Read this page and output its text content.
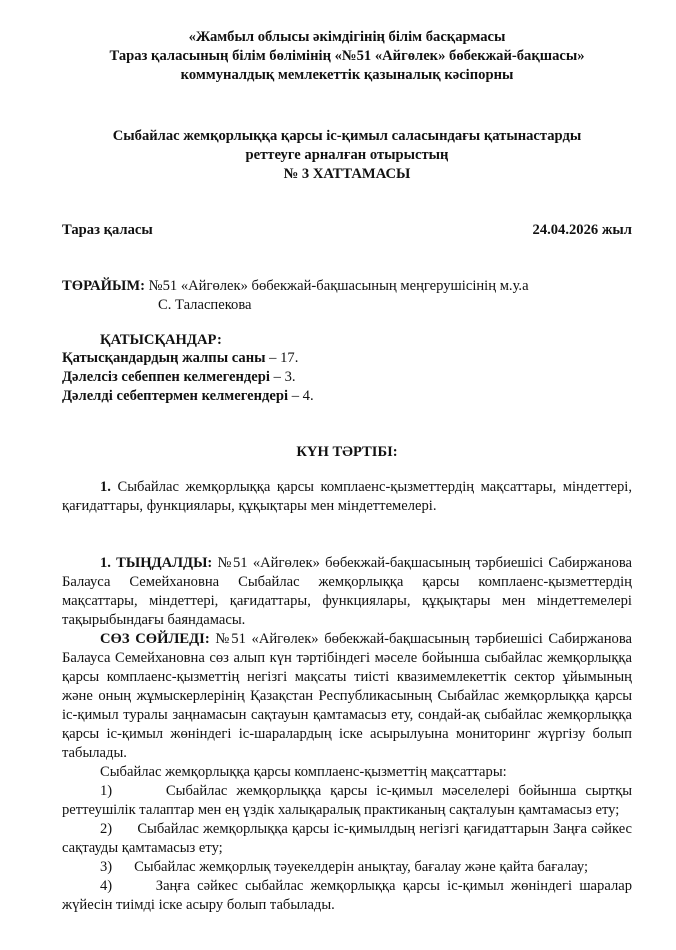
«Жамбыл облысы әкімдігінің білім басқармасы
Тараз қаласының білім бөлімінің «№51 «Айгөлек» бөбекжай-бақшасы»
коммуналдық мемлекеттік қазыналық кәсіпорны
Сыбайлас жемқорлыққа қарсы іс-қимыл саласындағы қатынастарды
реттеуге арналған отырыстың
№ 3 ХАТТАМАСЫ
Тараз қаласы	24.04.2026 жыл
ТӨРАЙЫМ: №51 «Айгөлек» бөбекжай-бақшасының меңгерушісінің м.у.а
С. Таласпекова
ҚАТЫСҚАНДАР:
Қатысқандардың жалпы саны – 17.
Дәлелсіз себеппен келмегендері – 3.
Дәлелді себептермен келмегендері – 4.
КҮН ТӘРТІБІ:
1. Сыбайлас жемқорлыққа қарсы комплаенс-қызметтердің мақсаттары, міндеттері, қағидаттары, функциялары, құқықтары мен міндеттемелері.
1. ТЫҢДАЛДЫ: №51 «Айгөлек» бөбекжай-бақшасының тәрбиешісі Сабиржанова Балауса Семейхановна Сыбайлас жемқорлыққа қарсы комплаенс-қызметтердің мақсаттары, міндеттері, қағидаттары, функциялары, құқықтары мен міндеттемелері тақырыбындағы баяндамасы.
СӨЗ СӨЙЛЕДІ: №51 «Айгөлек» бөбекжай-бақшасының тәрбиешісі Сабиржанова Балауса Семейхановна сөз алып күн тәртібіндегі мәселе бойынша сыбайлас жемқорлыққа қарсы комплаенс-қызметтің негізгі мақсаты тиісті квазимемлекеттік сектор ұйымының және оның жұмыскерлерінің Қазақстан Республикасының Сыбайлас жемқорлыққа қарсы іс-қимыл туралы заңнамасын сақтауын қамтамасыз ету, сондай-ақ сыбайлас жемқорлыққа қарсы іс-қимыл жөніндегі іс-шаралардың іске асырылуына мониторинг жүргізу болып табылады.
Сыбайлас жемқорлыққа қарсы комплаенс-қызметтің мақсаттары:
1)	Сыбайлас жемқорлыққа қарсы іс-қимыл мәселелері бойынша сыртқы реттеушілік талаптар мен ең үздік халықаралық практиканың сақталуын қамтамасыз ету;
2) Сыбайлас жемқорлыққа қарсы іс-қимылдың негізгі қағидаттарын Заңға сәйкес сақтауды қамтамасыз ету;
3) Сыбайлас жемқорлық тәуекелдерін анықтау, бағалау және қайта бағалау;
4)	Заңға сәйкес сыбайлас жемқорлыққа қарсы іс-қимыл жөніндегі шаралар жүйесін тиімді іске асыру болып табылады.
